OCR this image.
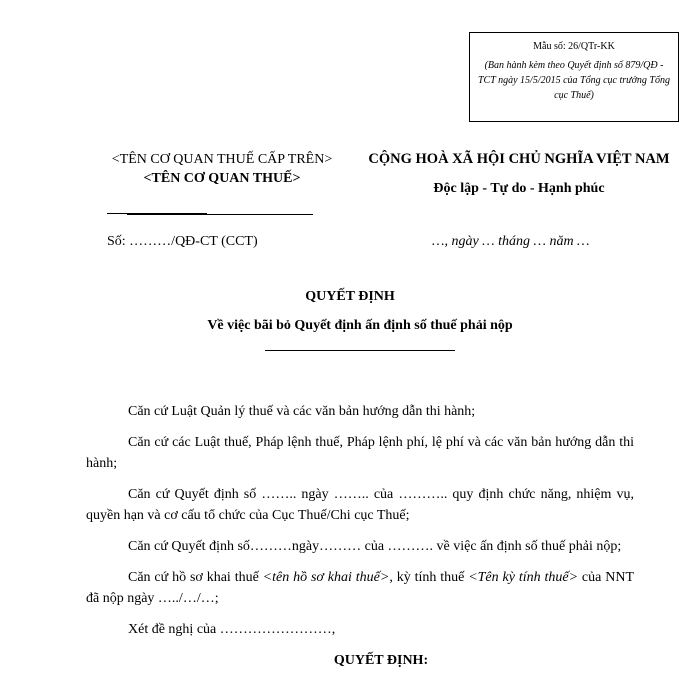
Mẫu số: 26/QTr-KK
(Ban hành kèm theo Quyết định số 879/QĐ -TCT ngày 15/5/2015 của Tổng cục trưởng Tổng cục Thuế)
<TÊN CƠ QUAN THUẾ CẤP TRÊN>
<TÊN CƠ QUAN THUẾ>
CỘNG HOÀ XÃ HỘI CHỦ NGHĨA VIỆT NAM
Độc lập - Tự do - Hạnh phúc
Số: ………/QĐ-CT (CCT)	…, ngày … tháng … năm …
QUYẾT ĐỊNH
Về việc bãi bỏ Quyết định ấn định số thuế phải nộp

Căn cứ Luật Quản lý thuế và các văn bản hướng dẫn thi hành;

Căn cứ các Luật thuế, Pháp lệnh thuế, Pháp lệnh phí, lệ phí và các văn bản hướng dẫn thi hành;

Căn cứ Quyết định số …….. ngày …….. của ……….. quy định chức năng, nhiệm vụ, quyền hạn và cơ cấu tổ chức của Cục Thuế/Chi cục Thuế;

Căn cứ Quyết định số………ngày……… của ………. về việc ấn định số thuế phải nộp;

Căn cứ hồ sơ khai thuế <tên hồ sơ khai thuế>, kỳ tính thuế <Tên kỳ tính thuế> của NNT đã nộp ngày …../…/…;

Xét đề nghị của ……………………,

QUYẾT ĐỊNH:
